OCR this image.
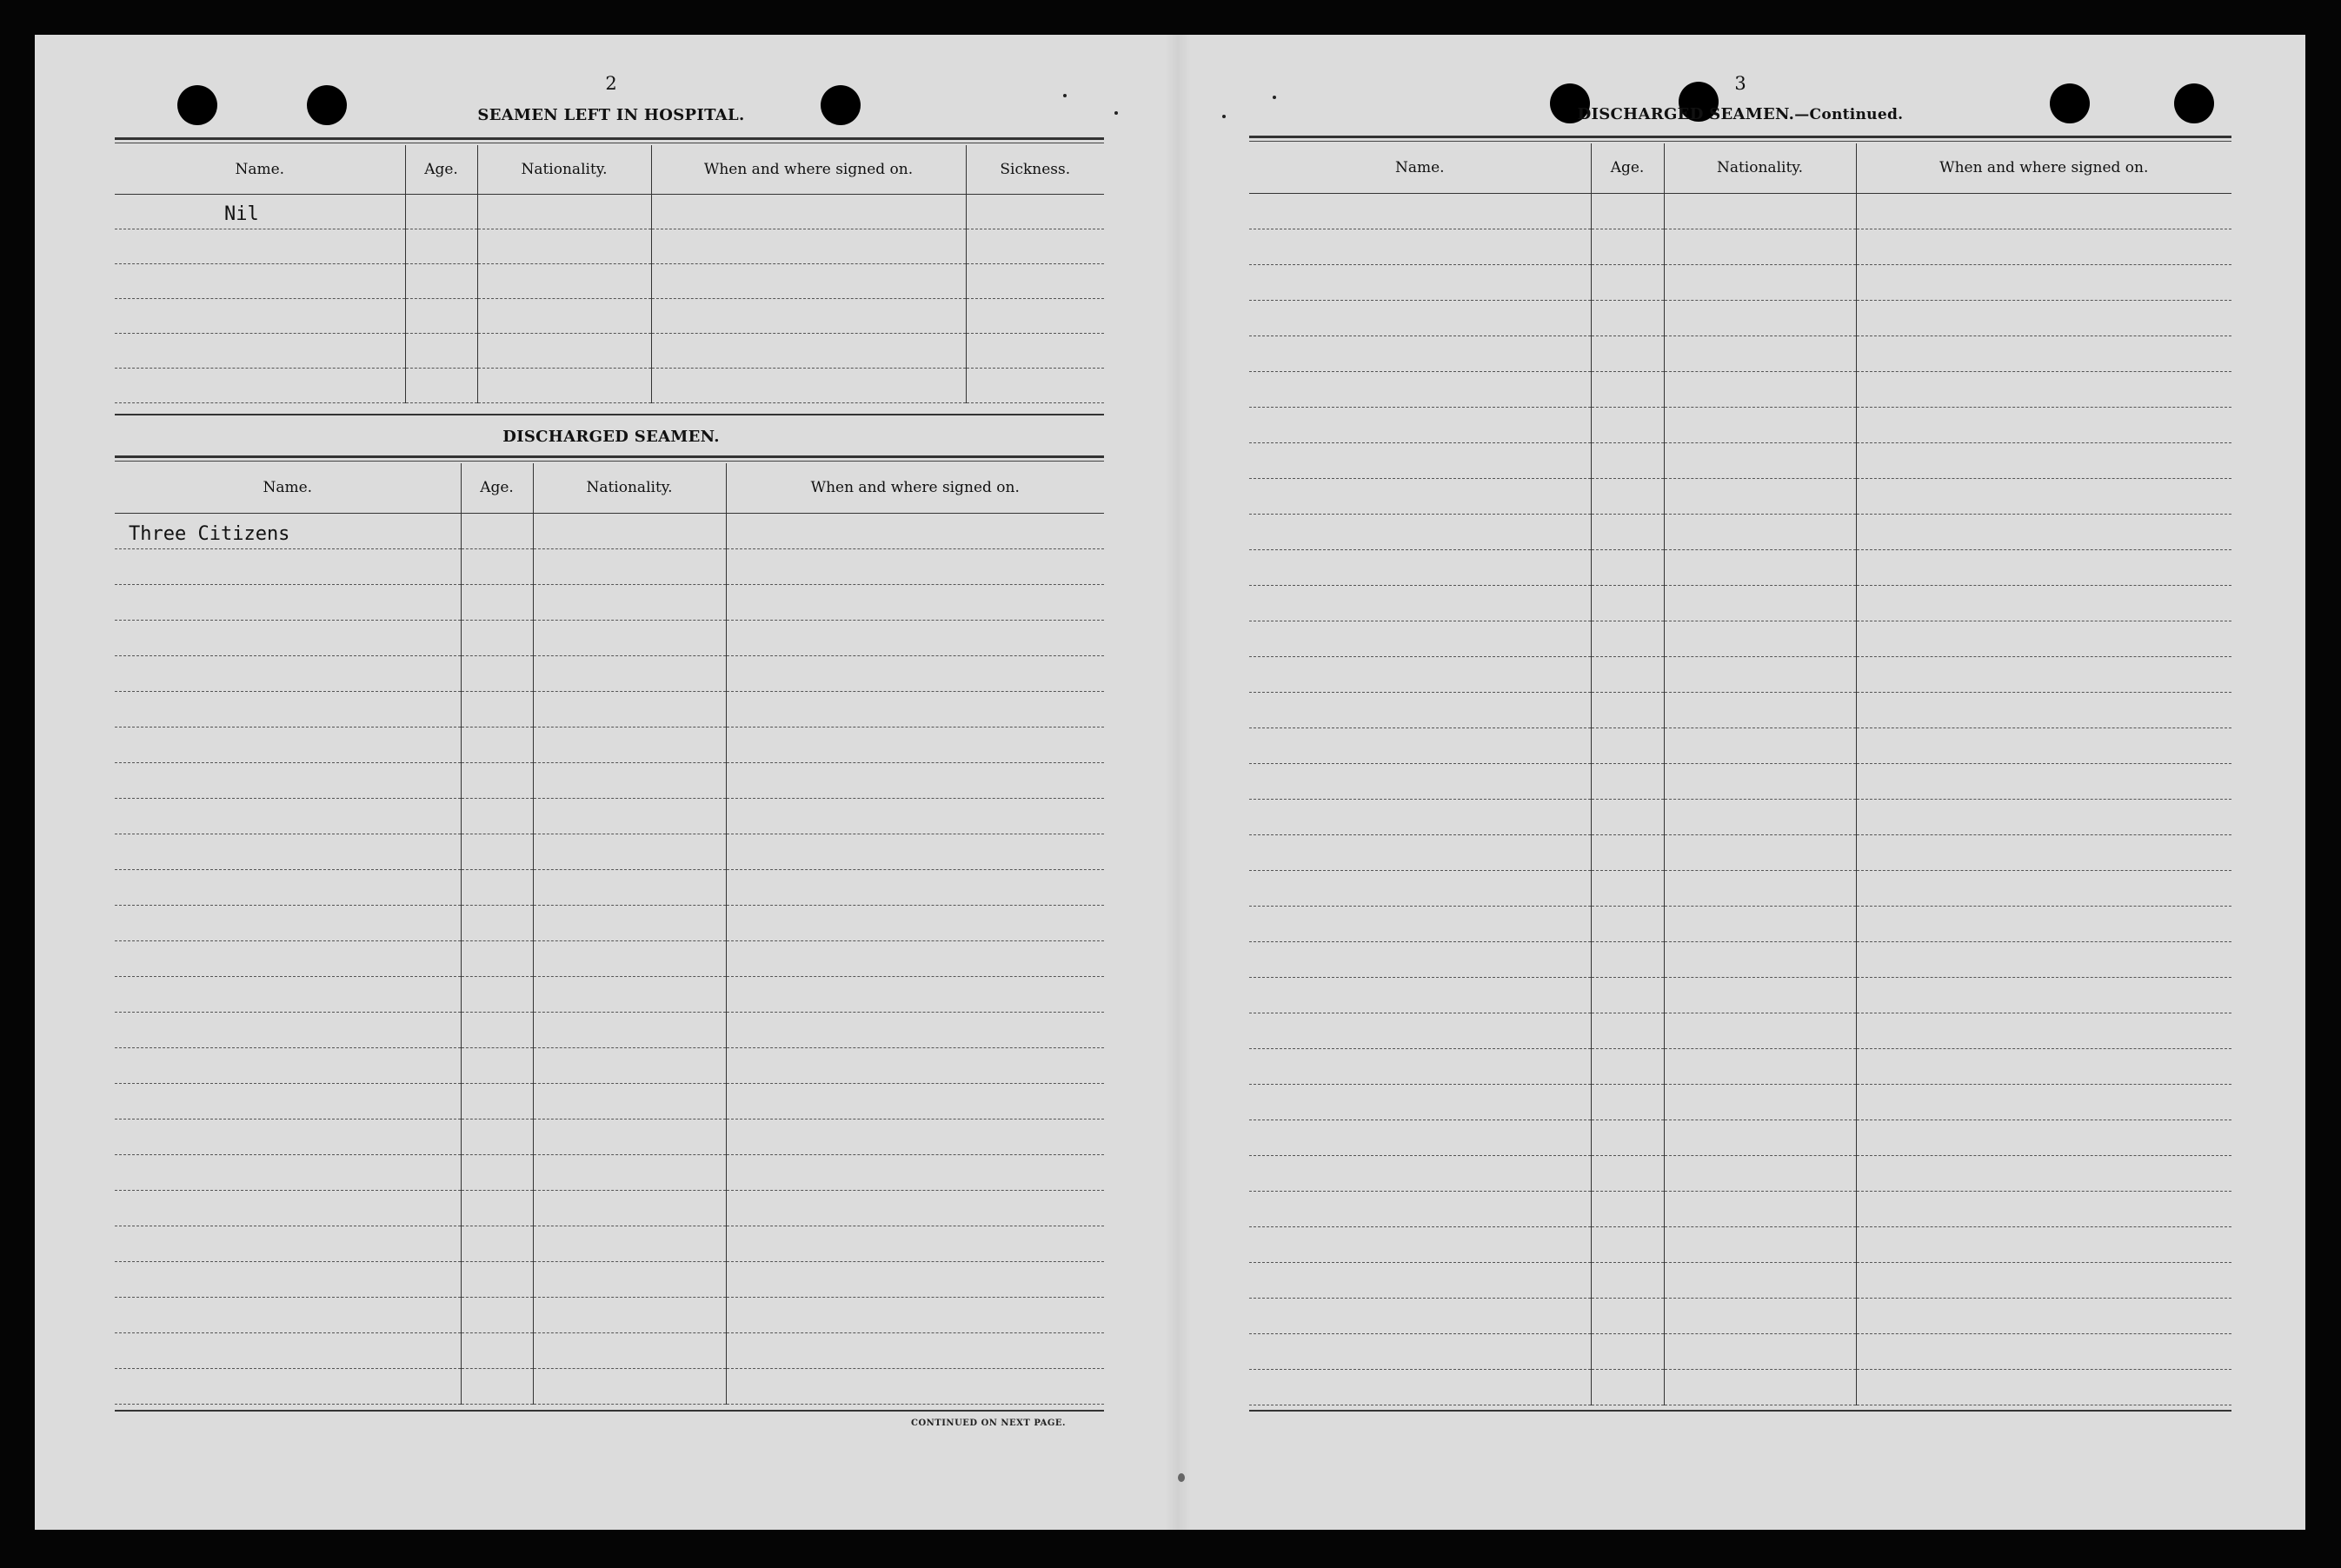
2
SEAMEN LEFT IN HOSPITAL.
Name.	Age.	Nationality.	When and where signed on.	Sickness.
Nil				

DISCHARGED SEAMEN.
Name.	Age.	Nationality.	When and where signed on.
Three Citizens			

CONTINUED ON NEXT PAGE.
3
DISCHARGED SEAMEN.—Continued.
Name.	Age.	Nationality.	When and where signed on.
